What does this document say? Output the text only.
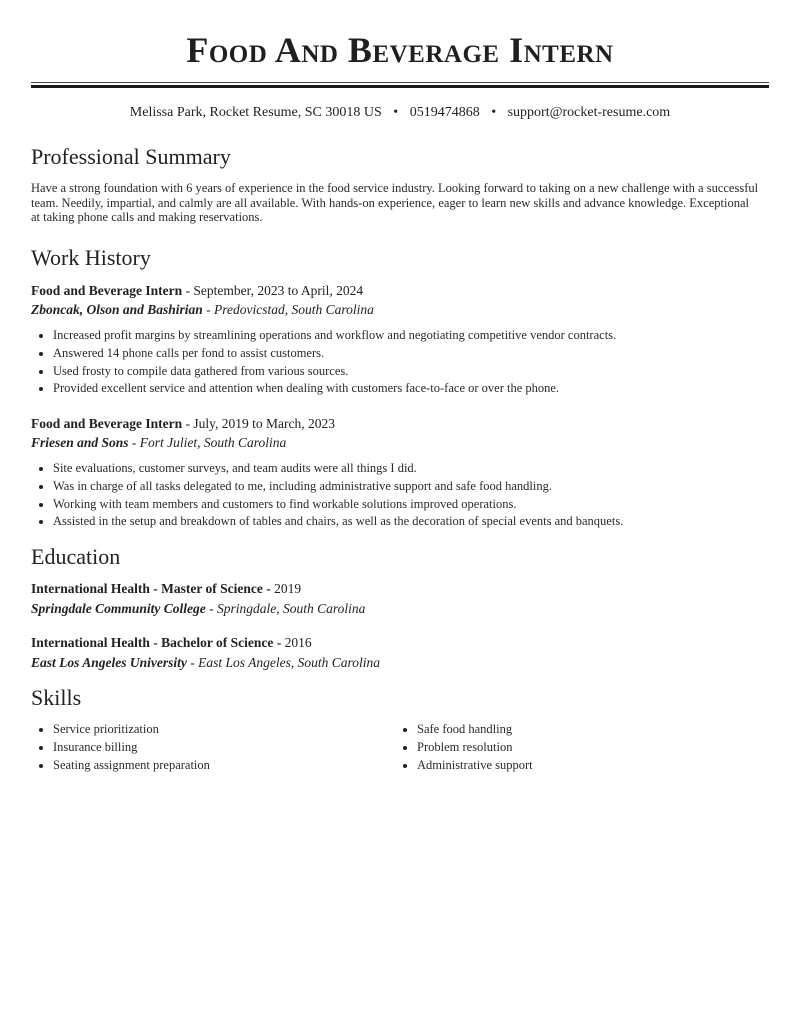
Food And Beverage Intern
Melissa Park, Rocket Resume, SC 30018 US • 0519474868 • support@rocket-resume.com
Professional Summary

Have a strong foundation with 6 years of experience in the food service industry. Looking forward to taking on a new challenge with a successful team. Needily, impartial, and calmly are all available. With hands-on experience, eager to learn new skills and advance knowledge. Exceptional at taking phone calls and making reservations.

Work History
Food and Beverage Intern - September, 2023 to April, 2024
Zboncak, Olson and Bashirian - Predovicstad, South Carolina
Increased profit margins by streamlining operations and workflow and negotiating competitive vendor contracts.
Answered 14 phone calls per fond to assist customers.
Used frosty to compile data gathered from various sources.
Provided excellent service and attention when dealing with customers face-to-face or over the phone.
Food and Beverage Intern - July, 2019 to March, 2023
Friesen and Sons - Fort Juliet, South Carolina
Site evaluations, customer surveys, and team audits were all things I did.
Was in charge of all tasks delegated to me, including administrative support and safe food handling.
Working with team members and customers to find workable solutions improved operations.
Assisted in the setup and breakdown of tables and chairs, as well as the decoration of special events and banquets.
Education
International Health - Master of Science - 2019
Springdale Community College - Springdale, South Carolina
International Health - Bachelor of Science - 2016
East Los Angeles University - East Los Angeles, South Carolina
Skills
Service prioritization
Insurance billing
Seating assignment preparation
Safe food handling
Problem resolution
Administrative support
